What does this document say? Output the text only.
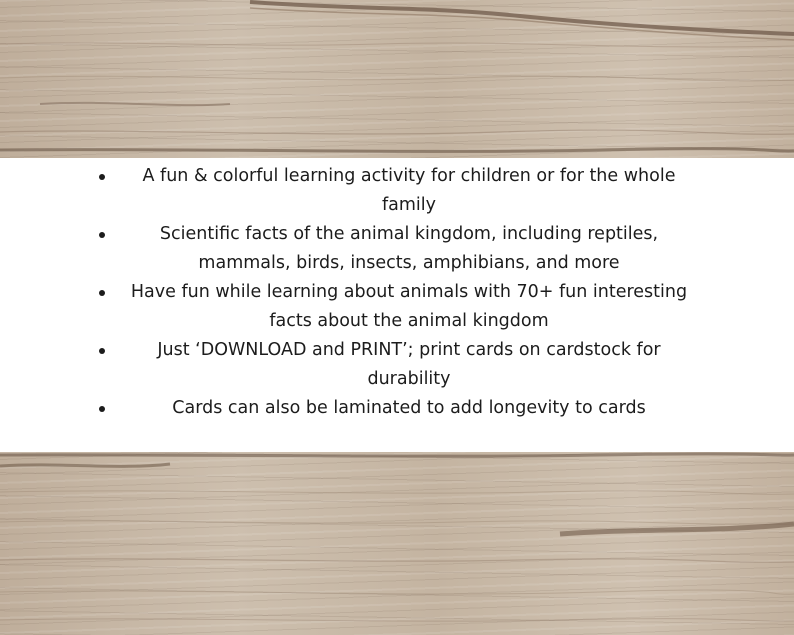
A fun & colorful learning activity for children or for the whole family
Scientific facts of the animal kingdom, including reptiles, mammals, birds, insects, amphibians, and more
Have fun while learning about animals with 70+ fun interesting facts about the animal kingdom
Just ‘DOWNLOAD and PRINT’; print cards on cardstock for durability
Cards can also be laminated to add longevity to cards
